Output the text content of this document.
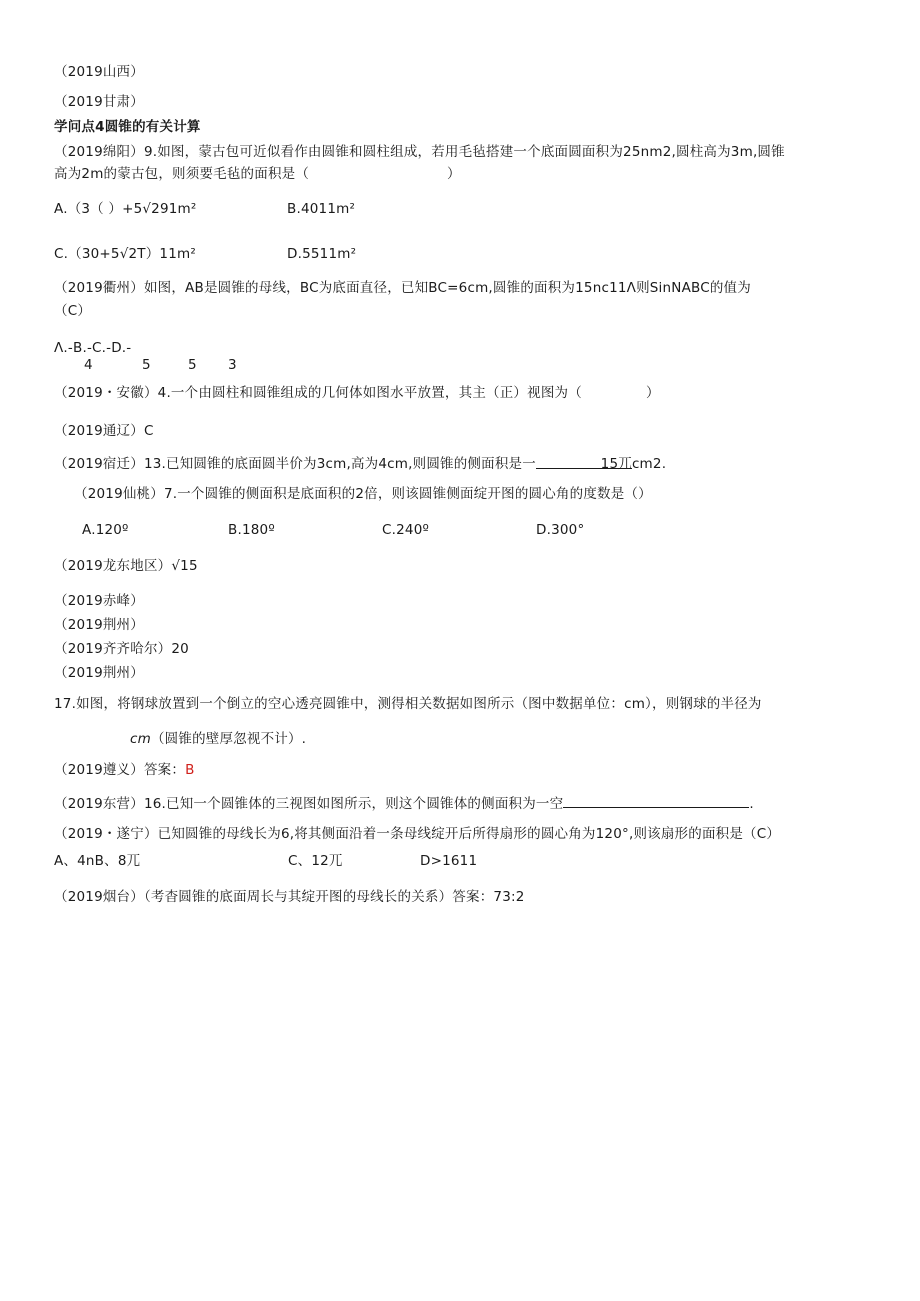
（2019山西）
（2019甘肃）
学问点4圆锥的有关计算
（2019绵阳）9.如图，蒙古包可近似看作由圆锥和圆柱组成，若用毛毡搭建一个底面圆面积为25nm2,圆柱高为3m,圆锥
高为2m的蒙古包，则须要毛毡的面积是（	）
A.（3（ ）+5√291m²	B.4011m²
C.（30+5√2T）11m²	D.5511m²
（2019衢州）如图，AB是圆锥的母线，BC为底面直径，已知BC=6cm,圆锥的面积为15nc11Λ则SinNABC的值为
（C）
Λ.-B.-C.-D.-
4	5	5 3
（2019・安徽）4.一个由圆柱和圆锥组成的几何体如图水平放置，其主（正）视图为（	）
（2019通辽）C
（2019宿迁）13.已知圆锥的底面圆半价为3cm,高为4cm,则圆锥的侧面积是一	15兀cm2.
（2019仙桃）7.一个圆锥的侧面积是底面积的2倍，则该圆锥侧面绽开图的圆心角的度数是（）
A.120º	B.180º	C.240º	D.300°
（2019龙东地区）√15
（2019赤峰）
（2019荆州）
（2019齐齐哈尔）20
（2019荆州）
17.如图，将钢球放置到一个倒立的空心透亮圆锥中，测得相关数据如图所示（图中数据单位：cm），则钢球的半径为
cm（圆锥的壁厚忽视不计）.
（2019遵义）答案：B
（2019东营）16.已知一个圆锥体的三视图如图所示，则这个圆锥体的侧面积为一空	.
（2019・遂宁）已知圆锥的母线长为6,将其侧面沿着一条母线绽开后所得扇形的圆心角为120°,则该扇形的面积是（C）
A、4nB、8兀	C、12兀	D>1611
（2019烟台）（考杳圆锥的底面周长与其绽开图的母线长的关系）答案：73:2
